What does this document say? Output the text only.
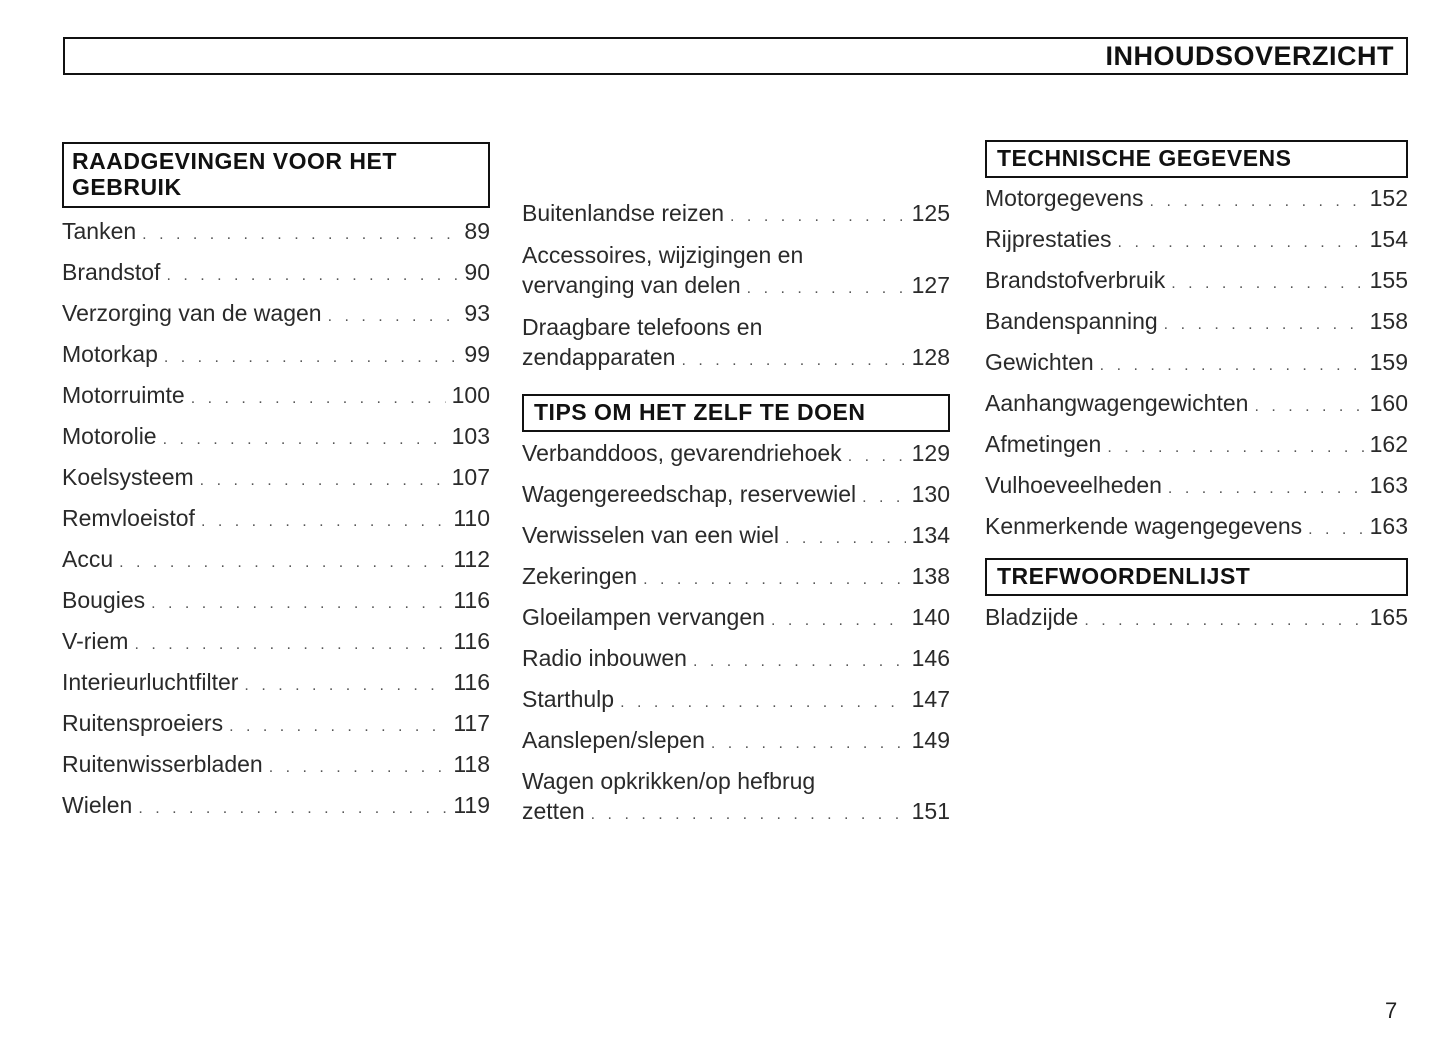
INHOUDSOVERZICHT
RAADGEVINGEN VOOR HET
GEBRUIK
Tanken . . .	89
Brandstof . . .	90
Verzorging van de wagen . . .	93
Motorkap . . .	99
Motorruimte . . .	100
Motorolie . . .	103
Koelsysteem . . .	107
Remvloeistof . . .	110
Accu . . .	112
Bougies . . .	116
V-riem . . .	116
Interieurluchtfilter . . .	116
Ruitensproeiers . . .	117
Ruitenwisserbladen . . .	118
Wielen . . .	119
Buitenlandse reizen . . .	125
Accessoires, wijzigingen en
vervanging van delen . . .	127
Draagbare telefoons en
zendapparaten . . .	128
TIPS OM HET ZELF TE DOEN
Verbanddoos, gevarendriehoek . . .	129
Wagengereedschap, reservewiel . . . 130
Verwisselen van een wiel . . .	134
Zekeringen . . .	138
Gloeilampen vervangen . . .	140
Radio inbouwen . . .	146
Starthulp . . .	147
Aanslepen/slepen . . .	149
Wagen opkrikken/op hefbrug
zetten . . .	151
TECHNISCHE GEGEVENS
Motorgegevens . . .	152
Rijprestaties . . .	154
Brandstofverbruik . . .	155
Bandenspanning . . .	158
Gewichten . . .	159
Aanhangwagengewichten . . .	160
Afmetingen . . .	162
Vulhoeveelheden . . .	163
Kenmerkende wagengegevens . . .	163
TREFWOORDENLIJST
Bladzijde . . .	165
7
